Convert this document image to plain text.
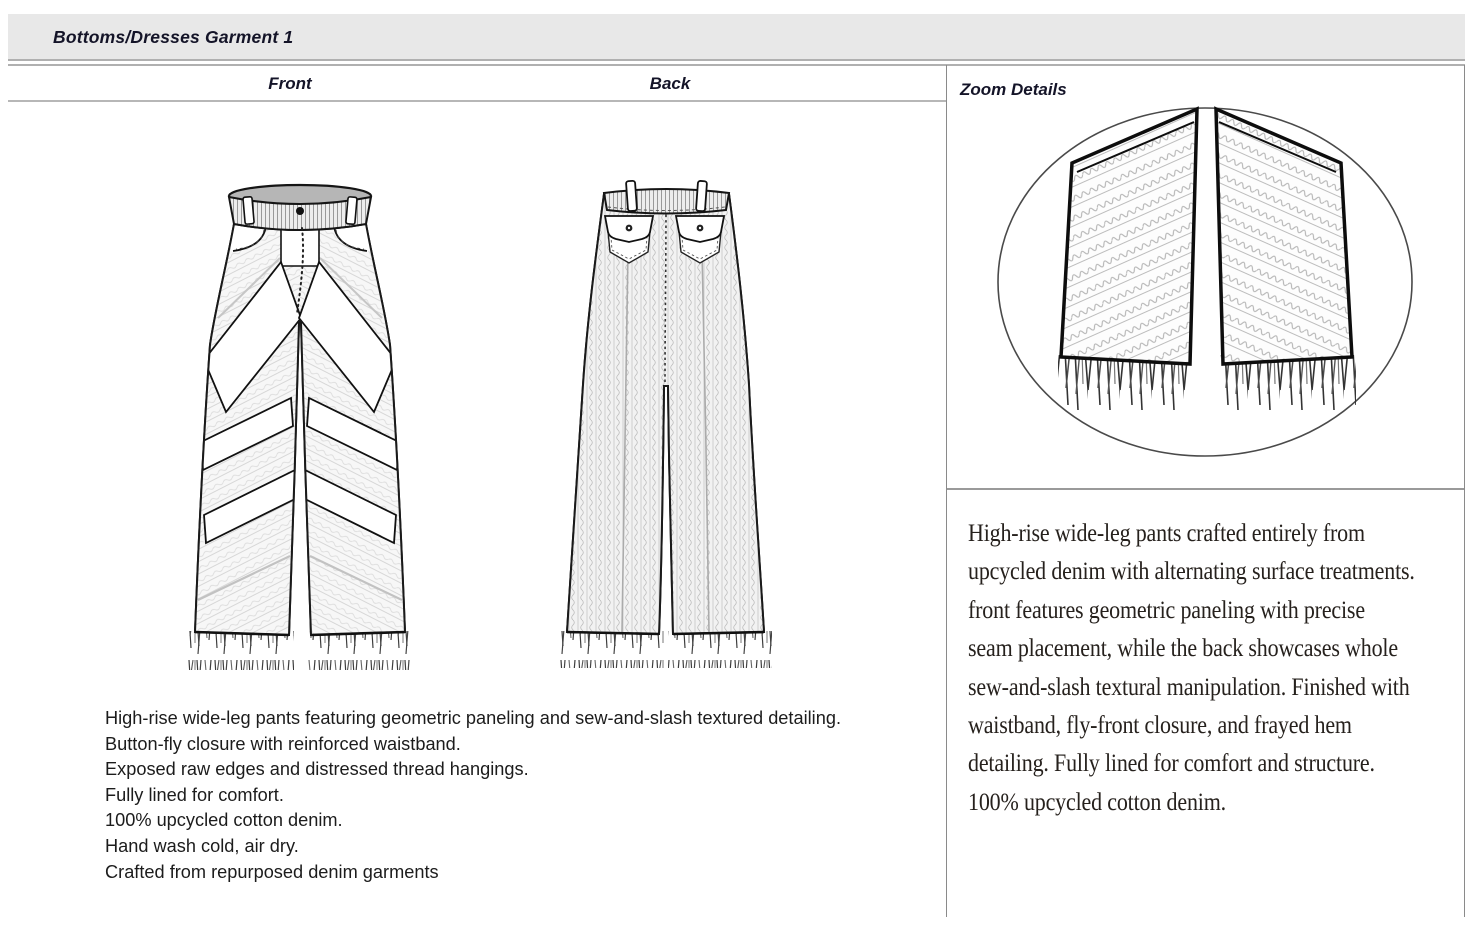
Bottoms/Dresses Garment 1
Front	Back	Zoom Details
High-rise wide-leg pants featuring geometric paneling and sew-and-slash textured detailing.
Button-fly closure with reinforced waistband.
Exposed raw edges and distressed thread hangings.
Fully lined for comfort.
100% upcycled cotton denim.
Hand wash cold, air dry.
Crafted from repurposed denim garments
High-rise wide-leg pants crafted entirely from
upcycled denim with alternating surface treatments.
front features geometric paneling with precise
seam placement, while the back showcases whole
sew-and-slash textural manipulation. Finished with
waistband, fly-front closure, and frayed hem
detailing. Fully lined for comfort and structure.
100% upcycled cotton denim.
